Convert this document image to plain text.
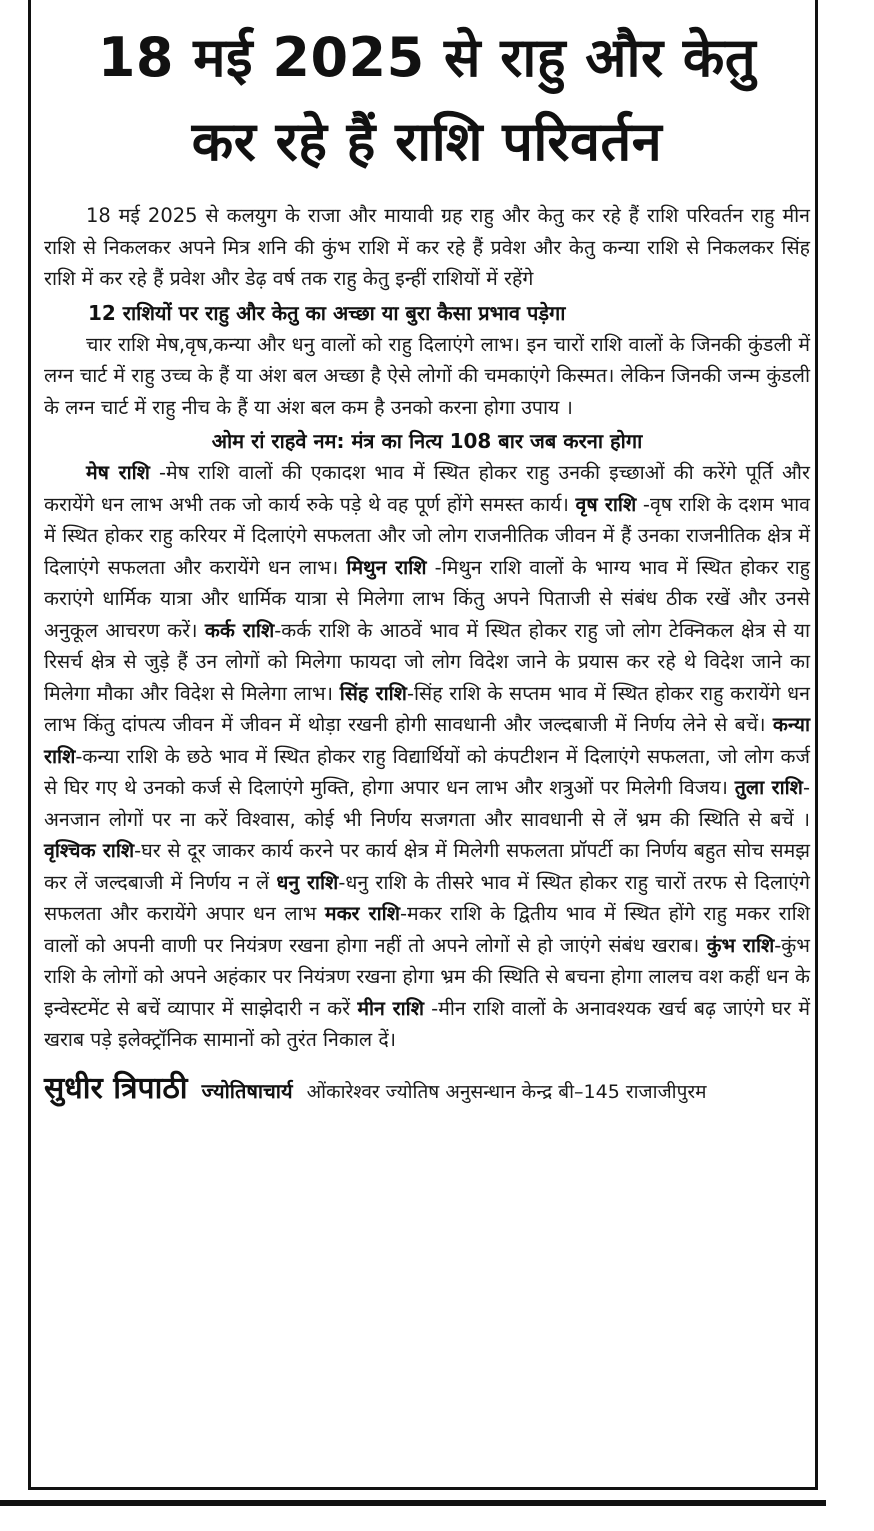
18 मई 2025 से राहु और केतु
कर रहे हैं राशि परिवर्तन

18 मई 2025 से कलयुग के राजा और मायावी ग्रह राहु और केतु कर रहे हैं राशि परिवर्तन राहु मीन राशि से निकलकर अपने मित्र शनि की कुंभ राशि में कर रहे हैं प्रवेश और केतु कन्या राशि से निकलकर सिंह राशि में कर रहे हैं प्रवेश और डेढ़ वर्ष तक राहु केतु इन्हीं राशियों में रहेंगे

12 राशियों पर राहु और केतु का अच्छा या बुरा कैसा प्रभाव पड़ेगा

चार राशि मेष,वृष,कन्या और धनु वालों को राहु दिलाएंगे लाभ। इन चारों राशि वालों के जिनकी कुंडली में लग्न चार्ट में राहु उच्च के हैं या अंश बल अच्छा है ऐसे लोगों की चमकाएंगे किस्मत। लेकिन जिनकी जन्म कुंडली के लग्न चार्ट में राहु नीच के हैं या अंश बल कम है उनको करना होगा उपाय ।

ओम रां राहवे नम: मंत्र का नित्य 108 बार जब करना होगा

मेष राशि -मेष राशि वालों की एकादश भाव में स्थित होकर राहु उनकी इच्छाओं की करेंगे पूर्ति और करायेंगे धन लाभ अभी तक जो कार्य रुके पड़े थे वह पूर्ण होंगे समस्त कार्य। वृष राशि -वृष राशि के दशम भाव में स्थित होकर राहु करियर में दिलाएंगे सफलता और जो लोग राजनीतिक जीवन में हैं उनका राजनीतिक क्षेत्र में दिलाएंगे सफलता और करायेंगे धन लाभ। मिथुन राशि -मिथुन राशि वालों के भाग्य भाव में स्थित होकर राहु कराएंगे धार्मिक यात्रा और धार्मिक यात्रा से मिलेगा लाभ किंतु अपने पिताजी से संबंध ठीक रखें और उनसे अनुकूल आचरण करें। कर्क राशि-कर्क राशि के आठवें भाव में स्थित होकर राहु जो लोग टेक्निकल क्षेत्र से या रिसर्च क्षेत्र से जुड़े हैं उन लोगों को मिलेगा फायदा जो लोग विदेश जाने के प्रयास कर रहे थे विदेश जाने का मिलेगा मौका और विदेश से मिलेगा लाभ। सिंह राशि-सिंह राशि के सप्तम भाव में स्थित होकर राहु करायेंगे धन लाभ किंतु दांपत्य जीवन में जीवन में थोड़ा रखनी होगी सावधानी और जल्दबाजी में निर्णय लेने से बचें। कन्या राशि-कन्या राशि के छठे भाव में स्थित होकर राहु विद्यार्थियों को कंपटीशन में दिलाएंगे सफलता, जो लोग कर्ज से घिर गए थे उनको कर्ज से दिलाएंगे मुक्ति, होगा अपार धन लाभ और शत्रुओं पर मिलेगी विजय। तुला राशि-अनजान लोगों पर ना करें विश्वास, कोई भी निर्णय सजगता और सावधानी से लें भ्रम की स्थिति से बचें । वृश्चिक राशि-घर से दूर जाकर कार्य करने पर कार्य क्षेत्र में मिलेगी सफलता प्रॉपर्टी का निर्णय बहुत सोच समझ कर लें जल्दबाजी में निर्णय न लें धनु राशि-धनु राशि के तीसरे भाव में स्थित होकर राहु चारों तरफ से दिलाएंगे सफलता और करायेंगे अपार धन लाभ मकर राशि-मकर राशि के द्वितीय भाव में स्थित होंगे राहु मकर राशि वालों को अपनी वाणी पर नियंत्रण रखना होगा नहीं तो अपने लोगों से हो जाएंगे संबंध खराब। कुंभ राशि-कुंभ राशि के लोगों को अपने अहंकार पर नियंत्रण रखना होगा भ्रम की स्थिति से बचना होगा लालच वश कहीं धन के इन्वेस्टमेंट से बचें व्यापार में साझेदारी न करें मीन राशि -मीन राशि वालों के अनावश्यक खर्च बढ़ जाएंगे घर में खराब पड़े इलेक्ट्रॉनिक सामानों को तुरंत निकाल दें।

सुधीर त्रिपाठी ज्योतिषाचार्य ओंकारेश्वर ज्योतिष अनुसन्धान केन्द्र बी–145 राजाजीपुरम
